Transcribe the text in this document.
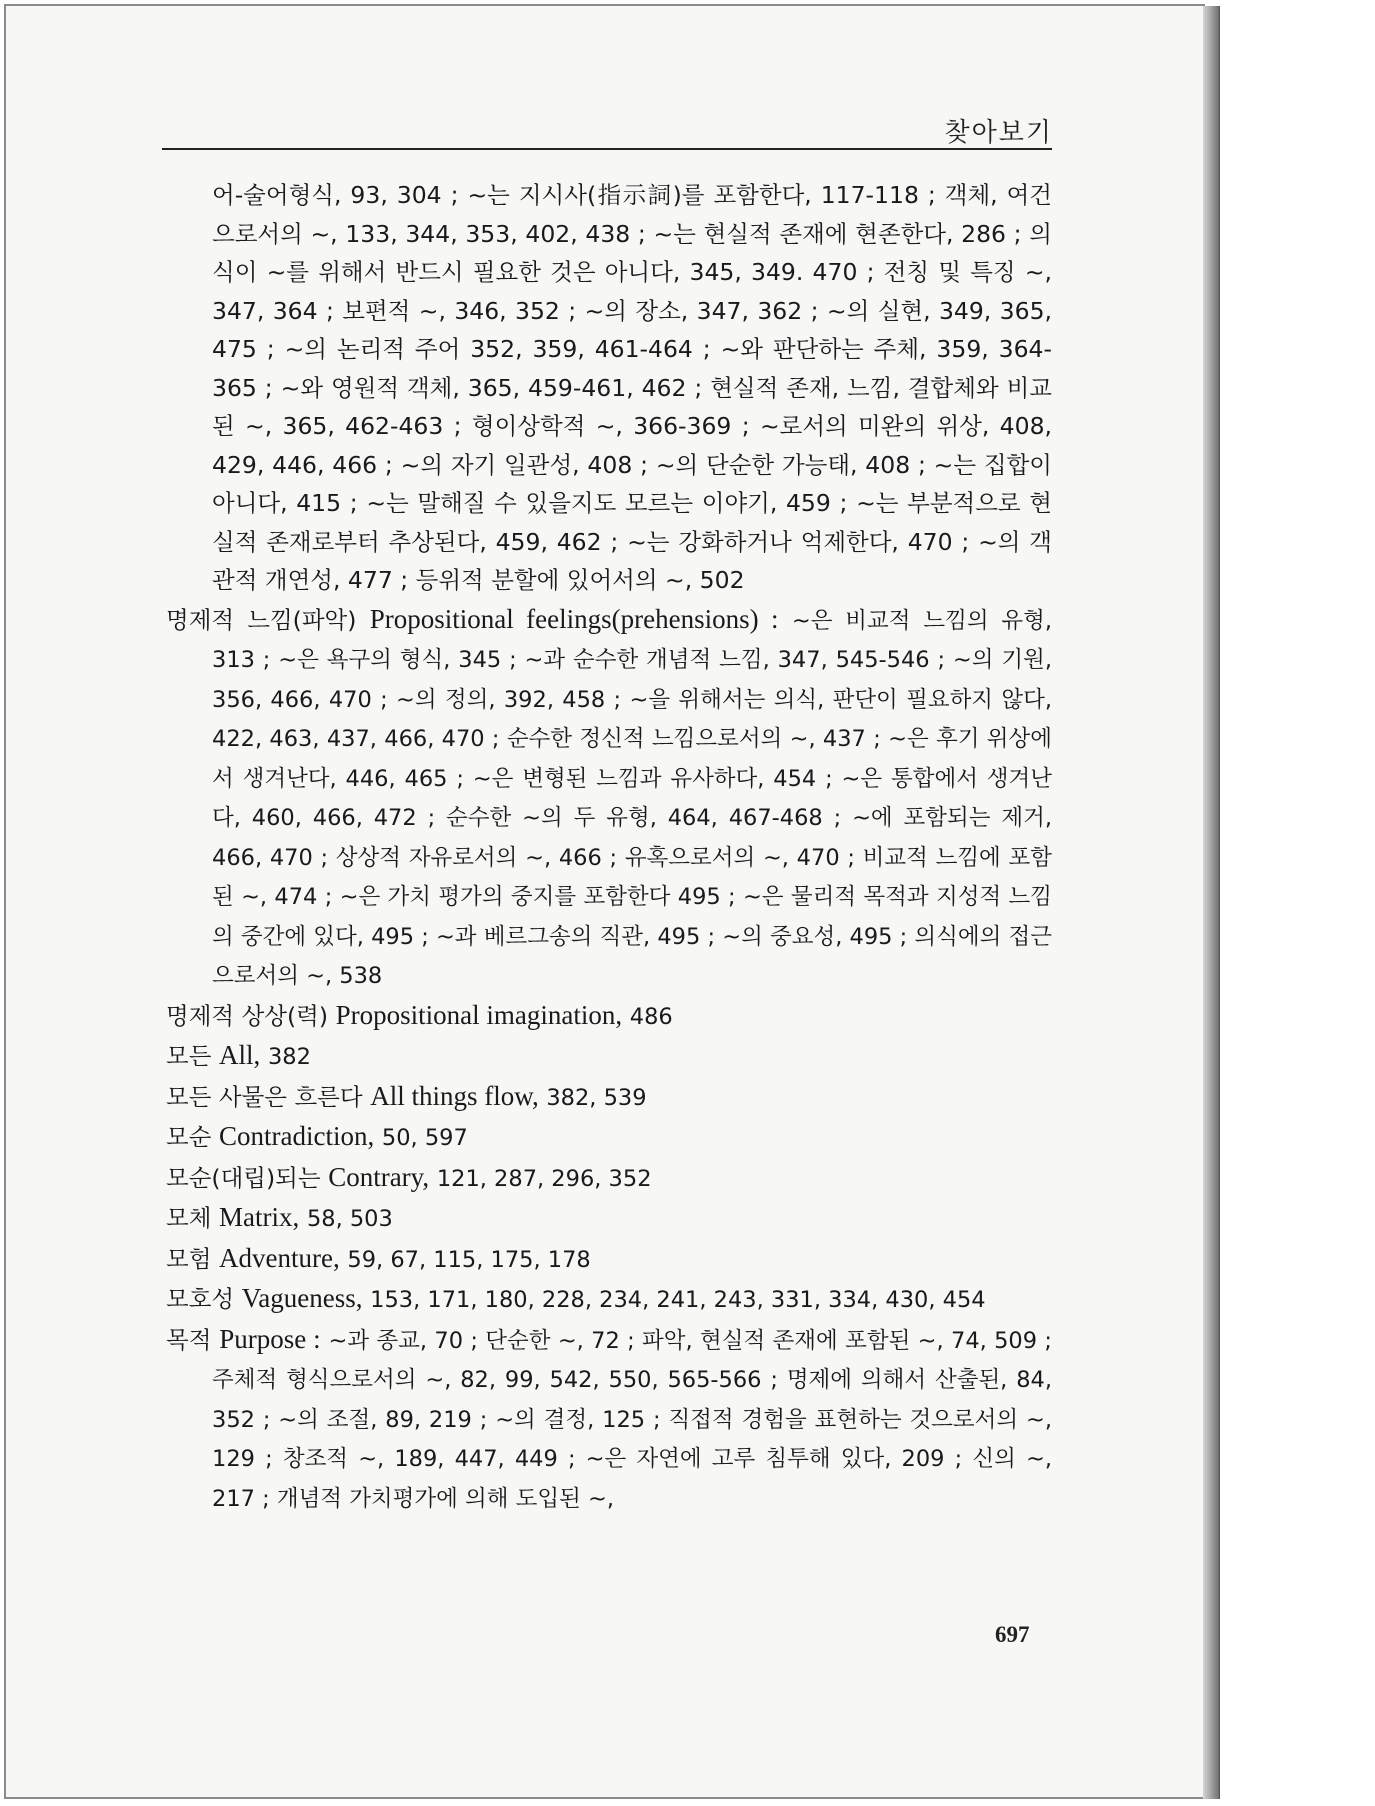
찾아보기

어-술어형식, 93, 304 ; ~는 지시사(指示詞)를 포함한다, 117-118 ; 객체, 여건으로서의 ~, 133, 344, 353, 402, 438 ; ~는 현실적 존재에 현존한다, 286 ; 의식이 ~를 위해서 반드시 필요한 것은 아니다, 345, 349. 470 ; 전칭 및 특징 ~, 347, 364 ; 보편적 ~, 346, 352 ; ~의 장소, 347, 362 ; ~의 실현, 349, 365, 475 ; ~의 논리적 주어 352, 359, 461-464 ; ~와 판단하는 주체, 359, 364-365 ; ~와 영원적 객체, 365, 459-461, 462 ; 현실적 존재, 느낌, 결합체와 비교된 ~, 365, 462-463 ; 형이상학적 ~, 366-369 ; ~로서의 미완의 위상, 408, 429, 446, 466 ; ~의 자기 일관성, 408 ; ~의 단순한 가능태, 408 ; ~는 집합이 아니다, 415 ; ~는 말해질 수 있을지도 모르는 이야기, 459 ; ~는 부분적으로 현실적 존재로부터 추상된다, 459, 462 ; ~는 강화하거나 억제한다, 470 ; ~의 객관적 개연성, 477 ; 등위적 분할에 있어서의 ~, 502

명제적 느낌(파악) Propositional feelings(prehensions) : ~은 비교적 느낌의 유형, 313 ; ~은 욕구의 형식, 345 ; ~과 순수한 개념적 느낌, 347, 545-546 ; ~의 기원, 356, 466, 470 ; ~의 정의, 392, 458 ; ~을 위해서는 의식, 판단이 필요하지 않다, 422, 463, 437, 466, 470 ; 순수한 정신적 느낌으로서의 ~, 437 ; ~은 후기 위상에서 생겨난다, 446, 465 ; ~은 변형된 느낌과 유사하다, 454 ; ~은 통합에서 생겨난다, 460, 466, 472 ; 순수한 ~의 두 유형, 464, 467-468 ; ~에 포함되는 제거, 466, 470 ; 상상적 자유로서의 ~, 466 ; 유혹으로서의 ~, 470 ; 비교적 느낌에 포함된 ~, 474 ; ~은 가치 평가의 중지를 포함한다 495 ; ~은 물리적 목적과 지성적 느낌의 중간에 있다, 495 ; ~과 베르그송의 직관, 495 ; ~의 중요성, 495 ; 의식에의 접근으로서의 ~, 538

명제적 상상(력) Propositional imagination, 486

모든 All, 382

모든 사물은 흐른다 All things flow, 382, 539

모순 Contradiction, 50, 597

모순(대립)되는 Contrary, 121, 287, 296, 352

모체 Matrix, 58, 503

모험 Adventure, 59, 67, 115, 175, 178

모호성 Vagueness, 153, 171, 180, 228, 234, 241, 243, 331, 334, 430, 454

목적 Purpose : ~과 종교, 70 ; 단순한 ~, 72 ; 파악, 현실적 존재에 포함된 ~, 74, 509 ; 주체적 형식으로서의 ~, 82, 99, 542, 550, 565-566 ; 명제에 의해서 산출된, 84, 352 ; ~의 조절, 89, 219 ; ~의 결정, 125 ; 직접적 경험을 표현하는 것으로서의 ~, 129 ; 창조적 ~, 189, 447, 449 ; ~은 자연에 고루 침투해 있다, 209 ; 신의 ~, 217 ; 개념적 가치평가에 의해 도입된 ~,

697
